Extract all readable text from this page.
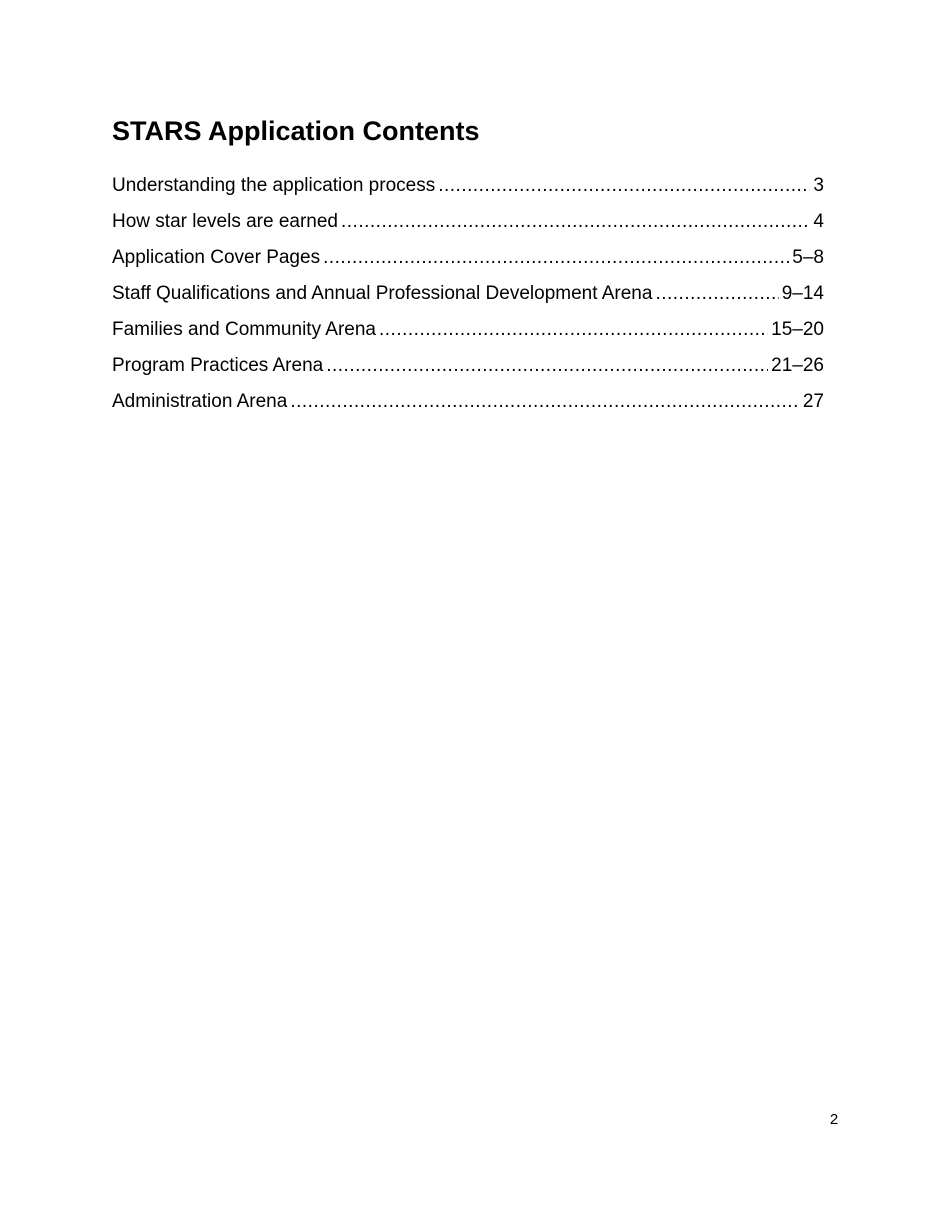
STARS Application Contents
Understanding the application process .....	3
How star levels are earned .....	4
Application Cover Pages .....	5–8
Staff Qualifications and Annual Professional Development Arena .....	9–14
Families and Community Arena .....	15–20
Program Practices Arena .....	21–26
Administration Arena .....	27
2
